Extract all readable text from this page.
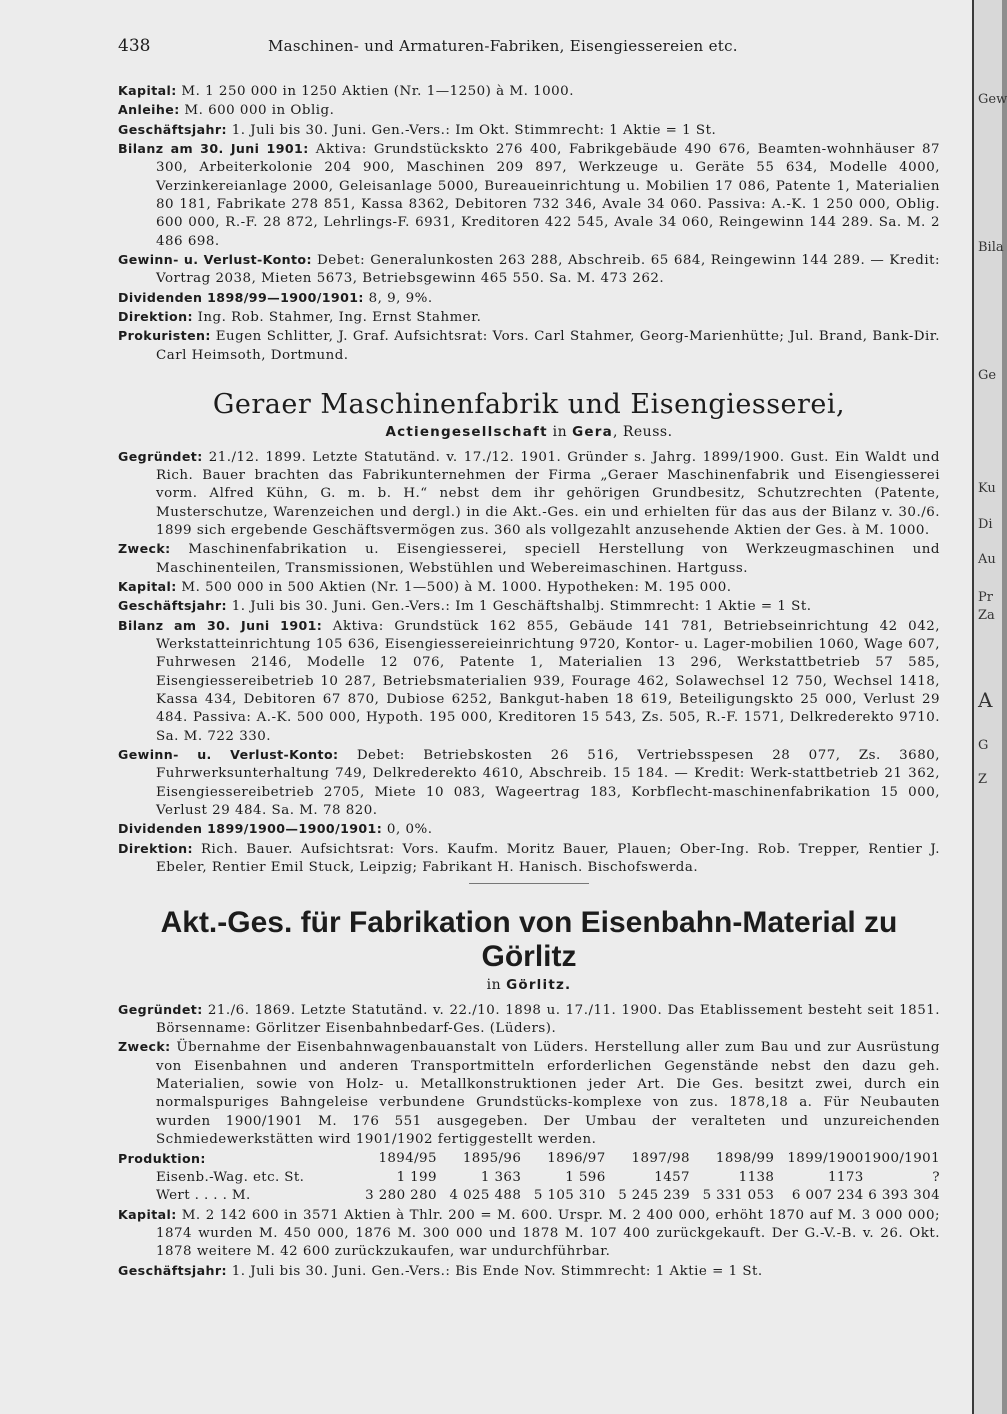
438	Maschinen- und Armaturen-Fabriken, Eisengiessereien etc.

Kapital: M. 1 250 000 in 1250 Aktien (Nr. 1—1250) à M. 1000.

Anleihe: M. 600 000 in Oblig.

Geschäftsjahr: 1. Juli bis 30. Juni. Gen.-Vers.: Im Okt. Stimmrecht: 1 Aktie = 1 St.

Bilanz am 30. Juni 1901: Aktiva: Grundstückskto 276 400, Fabrikgebäude 490 676, Beamten-wohnhäuser 87 300, Arbeiterkolonie 204 900, Maschinen 209 897, Werkzeuge u. Geräte 55 634, Modelle 4000, Verzinkereianlage 2000, Geleisanlage 5000, Bureaueinrichtung u. Mobilien 17 086, Patente 1, Materialien 80 181, Fabrikate 278 851, Kassa 8362, Debitoren 732 346, Avale 34 060. Passiva: A.-K. 1 250 000, Oblig. 600 000, R.-F. 28 872, Lehrlings-F. 6931, Kreditoren 422 545, Avale 34 060, Reingewinn 144 289. Sa. M. 2 486 698.

Gewinn- u. Verlust-Konto: Debet: Generalunkosten 263 288, Abschreib. 65 684, Reingewinn 144 289. — Kredit: Vortrag 2038, Mieten 5673, Betriebsgewinn 465 550. Sa. M. 473 262.

Dividenden 1898/99—1900/1901: 8, 9, 9%.

Direktion: Ing. Rob. Stahmer, Ing. Ernst Stahmer.

Prokuristen: Eugen Schlitter, J. Graf. Aufsichtsrat: Vors. Carl Stahmer, Georg-Marienhütte; Jul. Brand, Bank-Dir. Carl Heimsoth, Dortmund.

Geraer Maschinenfabrik und Eisengiesserei,
Actiengesellschaft in Gera, Reuss.

Gegründet: 21./12. 1899. Letzte Statutänd. v. 17./12. 1901. Gründer s. Jahrg. 1899/1900. Gust. Ein Waldt und Rich. Bauer brachten das Fabrikunternehmen der Firma „Geraer Maschinenfabrik und Eisengiesserei vorm. Alfred Kühn, G. m. b. H.“ nebst dem ihr gehörigen Grundbesitz, Schutzrechten (Patente, Musterschutze, Warenzeichen und dergl.) in die Akt.-Ges. ein und erhielten für das aus der Bilanz v. 30./6. 1899 sich ergebende Geschäftsvermögen zus. 360 als vollgezahlt anzusehende Aktien der Ges. à M. 1000.

Zweck: Maschinenfabrikation u. Eisengiesserei, speciell Herstellung von Werkzeugmaschinen und Maschinenteilen, Transmissionen, Webstühlen und Webereimaschinen. Hartguss.

Kapital: M. 500 000 in 500 Aktien (Nr. 1—500) à M. 1000. Hypotheken: M. 195 000.

Geschäftsjahr: 1. Juli bis 30. Juni. Gen.-Vers.: Im 1 Geschäftshalbj. Stimmrecht: 1 Aktie = 1 St.

Bilanz am 30. Juni 1901: Aktiva: Grundstück 162 855, Gebäude 141 781, Betriebseinrichtung 42 042, Werkstatteinrichtung 105 636, Eisengiessereieinrichtung 9720, Kontor- u. Lager-mobilien 1060, Wage 607, Fuhrwesen 2146, Modelle 12 076, Patente 1, Materialien 13 296, Werkstattbetrieb 57 585, Eisengiessereibetrieb 10 287, Betriebsmaterialien 939, Fourage 462, Solawechsel 12 750, Wechsel 1418, Kassa 434, Debitoren 67 870, Dubiose 6252, Bankgut-haben 18 619, Beteiligungskto 25 000, Verlust 29 484. Passiva: A.-K. 500 000, Hypoth. 195 000, Kreditoren 15 543, Zs. 505, R.-F. 1571, Delkrederekto 9710. Sa. M. 722 330.

Gewinn- u. Verlust-Konto: Debet: Betriebskosten 26 516, Vertriebsspesen 28 077, Zs. 3680, Fuhrwerksunterhaltung 749, Delkrederekto 4610, Abschreib. 15 184. — Kredit: Werk-stattbetrieb 21 362, Eisengiessereibetrieb 2705, Miete 10 083, Wageertrag 183, Korbflecht-maschinenfabrikation 15 000, Verlust 29 484. Sa. M. 78 820.

Dividenden 1899/1900—1900/1901: 0, 0%.

Direktion: Rich. Bauer. Aufsichtsrat: Vors. Kaufm. Moritz Bauer, Plauen; Ober-Ing. Rob. Trepper, Rentier J. Ebeler, Rentier Emil Stuck, Leipzig; Fabrikant H. Hanisch. Bischofswerda.

Akt.-Ges. für Fabrikation von Eisenbahn-Material zu Görlitz
in Görlitz.

Gegründet: 21./6. 1869. Letzte Statutänd. v. 22./10. 1898 u. 17./11. 1900. Das Etablissement besteht seit 1851. Börsenname: Görlitzer Eisenbahnbedarf-Ges. (Lüders).

Zweck: Übernahme der Eisenbahnwagenbauanstalt von Lüders. Herstellung aller zum Bau und zur Ausrüstung von Eisenbahnen und anderen Transportmitteln erforderlichen Gegenstände nebst den dazu geh. Materialien, sowie von Holz- u. Metallkonstruktionen jeder Art. Die Ges. besitzt zwei, durch ein normalspuriges Bahngeleise verbundene Grundstücks-komplexe von zus. 1878,18 a. Für Neubauten wurden 1900/1901 M. 176 551 ausgegeben. Der Umbau der veralteten und unzureichenden Schmiedewerkstätten wird 1901/1902 fertiggestellt werden.

Produktion:	1894/95	1895/96	1896/97	1897/98	1898/99	1899/1900	1900/1901
Eisenb.-Wag. etc. St.	1 199	1 363	1 596	1457	1138	1173	?
Wert . . . . M.	3 280 280	4 025 488	5 105 310	5 245 239	5 331 053	6 007 234	6 393 304

Kapital: M. 2 142 600 in 3571 Aktien à Thlr. 200 = M. 600. Urspr. M. 2 400 000, erhöht 1870 auf M. 3 000 000; 1874 wurden M. 450 000, 1876 M. 300 000 und 1878 M. 107 400 zurückgekauft. Der G.-V.-B. v. 26. Okt. 1878 weitere M. 42 600 zurückzukaufen, war undurchführbar.

Geschäftsjahr: 1. Juli bis 30. Juni. Gen.-Vers.: Bis Ende Nov. Stimmrecht: 1 Aktie = 1 St.

Gew
Bila
Ge
Ku
Di
Au
Pr
Za
A
G
Z
